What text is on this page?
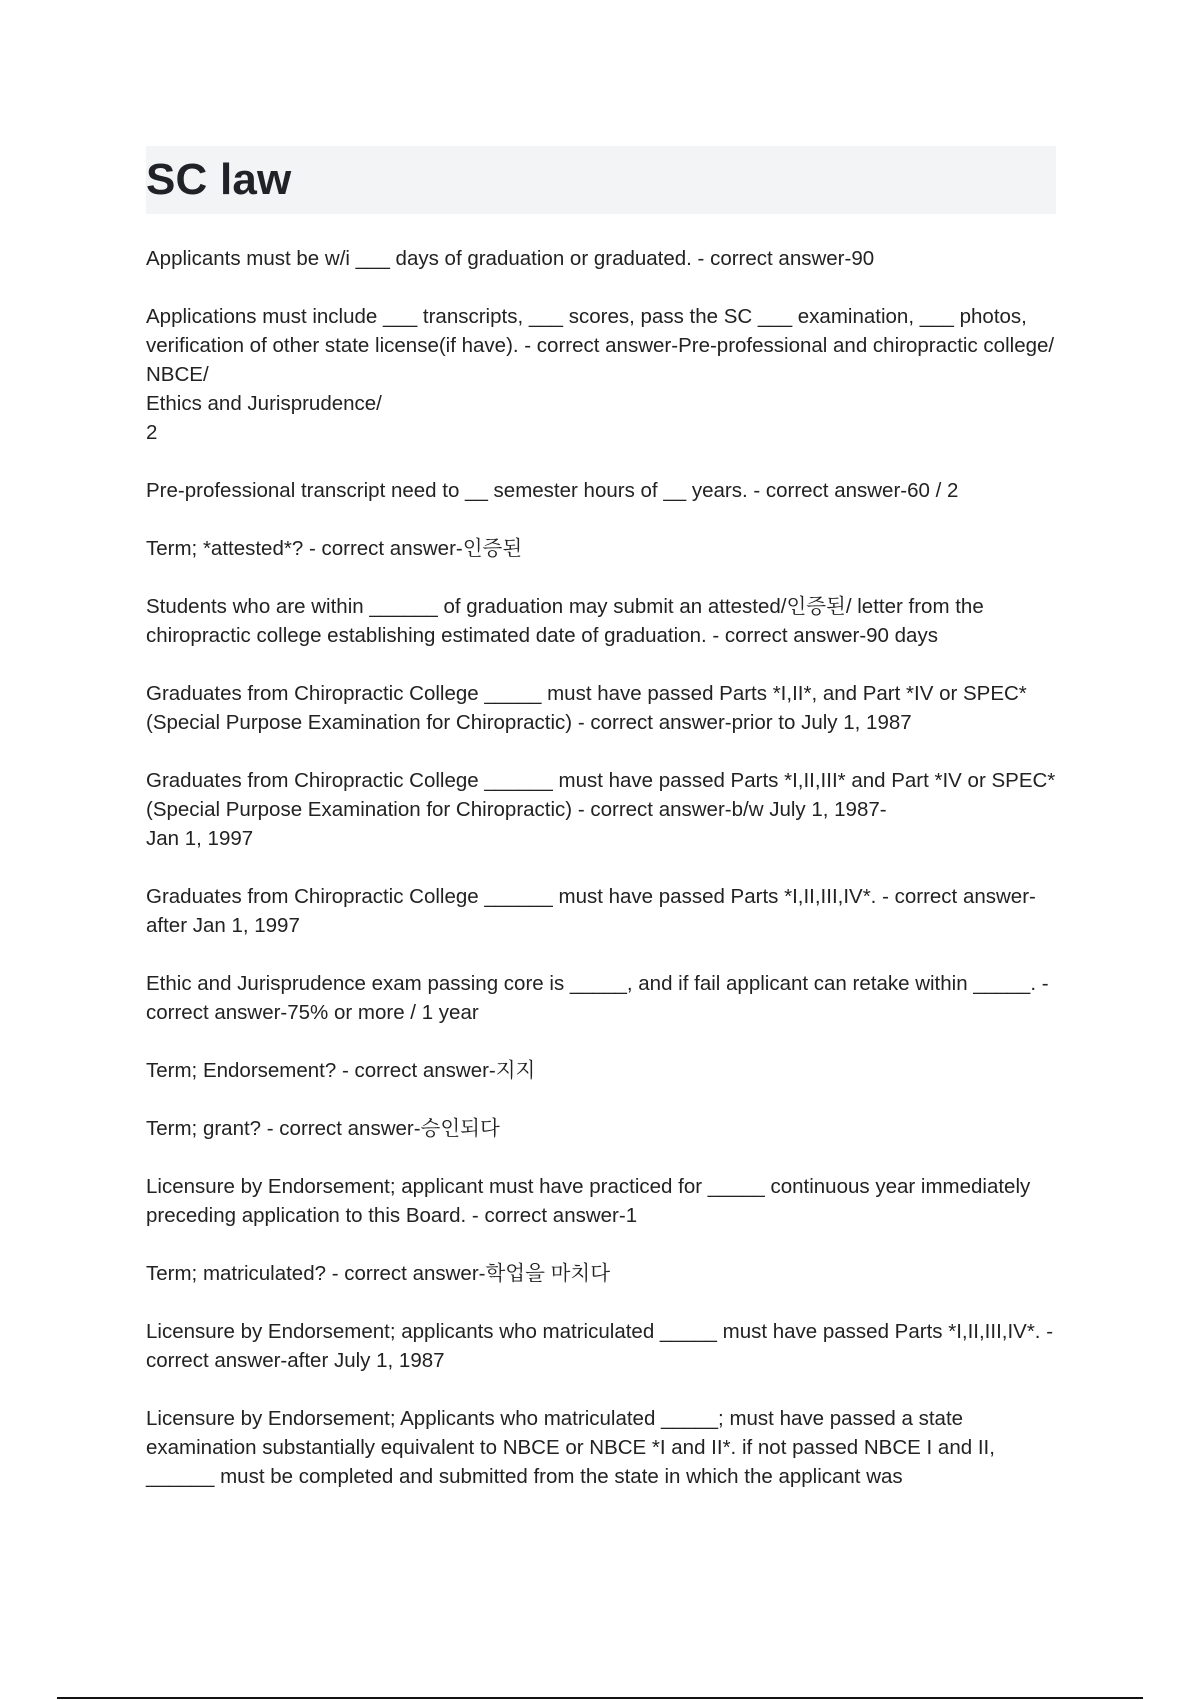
SC law

Applicants must be w/i ___ days of graduation or graduated. - correct answer-90

Applications must include ___ transcripts, ___ scores, pass the SC ___ examination, ___ photos, verification of other state license(if have). - correct answer-Pre-professional and chiropractic college/ NBCE/
Ethics and Jurisprudence/
2

Pre-professional transcript need to __ semester hours of __ years. - correct answer-60 / 2

Term; *attested*? - correct answer-인증된

Students who are within ______ of graduation may submit an attested/인증된/ letter from the chiropractic college establishing estimated date of graduation. - correct answer-90 days

Graduates from Chiropractic College _____ must have passed Parts *I,II*, and Part *IV or SPEC*(Special Purpose Examination for Chiropractic) - correct answer-prior to July 1, 1987

Graduates from Chiropractic College ______ must have passed Parts *I,II,III* and Part *IV or SPEC*(Special Purpose Examination for Chiropractic) - correct answer-b/w July 1, 1987-
Jan 1, 1997

Graduates from Chiropractic College ______ must have passed Parts *I,II,III,IV*. - correct answer-after Jan 1, 1997

Ethic and Jurisprudence exam passing core is _____, and if fail applicant can retake within _____. - correct answer-75% or more / 1 year

Term; Endorsement? - correct answer-지지

Term; grant? - correct answer-승인되다

Licensure by Endorsement; applicant must have practiced for _____ continuous year immediately preceding application to this Board. - correct answer-1

Term; matriculated? - correct answer-학업을 마치다

Licensure by Endorsement; applicants who matriculated _____ must have passed Parts *I,II,III,IV*. - correct answer-after July 1, 1987

Licensure by Endorsement; Applicants who matriculated _____; must have passed a state examination substantially equivalent to NBCE or NBCE *I and II*. if not passed NBCE I and II, ______ must be completed and submitted from the state in which the applicant was
